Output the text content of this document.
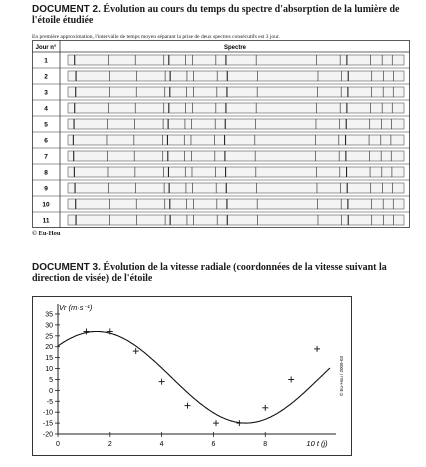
DOCUMENT 2. Évolution au cours du temps du spectre d'absorption de la lumière de l'étoile étudiée
En première approximation, l'intervalle de temps moyen séparant la prise de deux spectres consécutifs est 3 jour.
Jour n°	Spectre
1
2
3
4
5
6
7
8
9
10
11
© Eu-Hou
DOCUMENT 3. Évolution de la vitesse radiale (coordonnées de la vitesse suivant la direction de visée) de l'étoile
Vr (m·s⁻¹)
35
30
25
20
15
10
5
0
-5
-10
-15
-20
0	2	4	6	8	10 t (j)
© Eu-Hou / 2009-03
